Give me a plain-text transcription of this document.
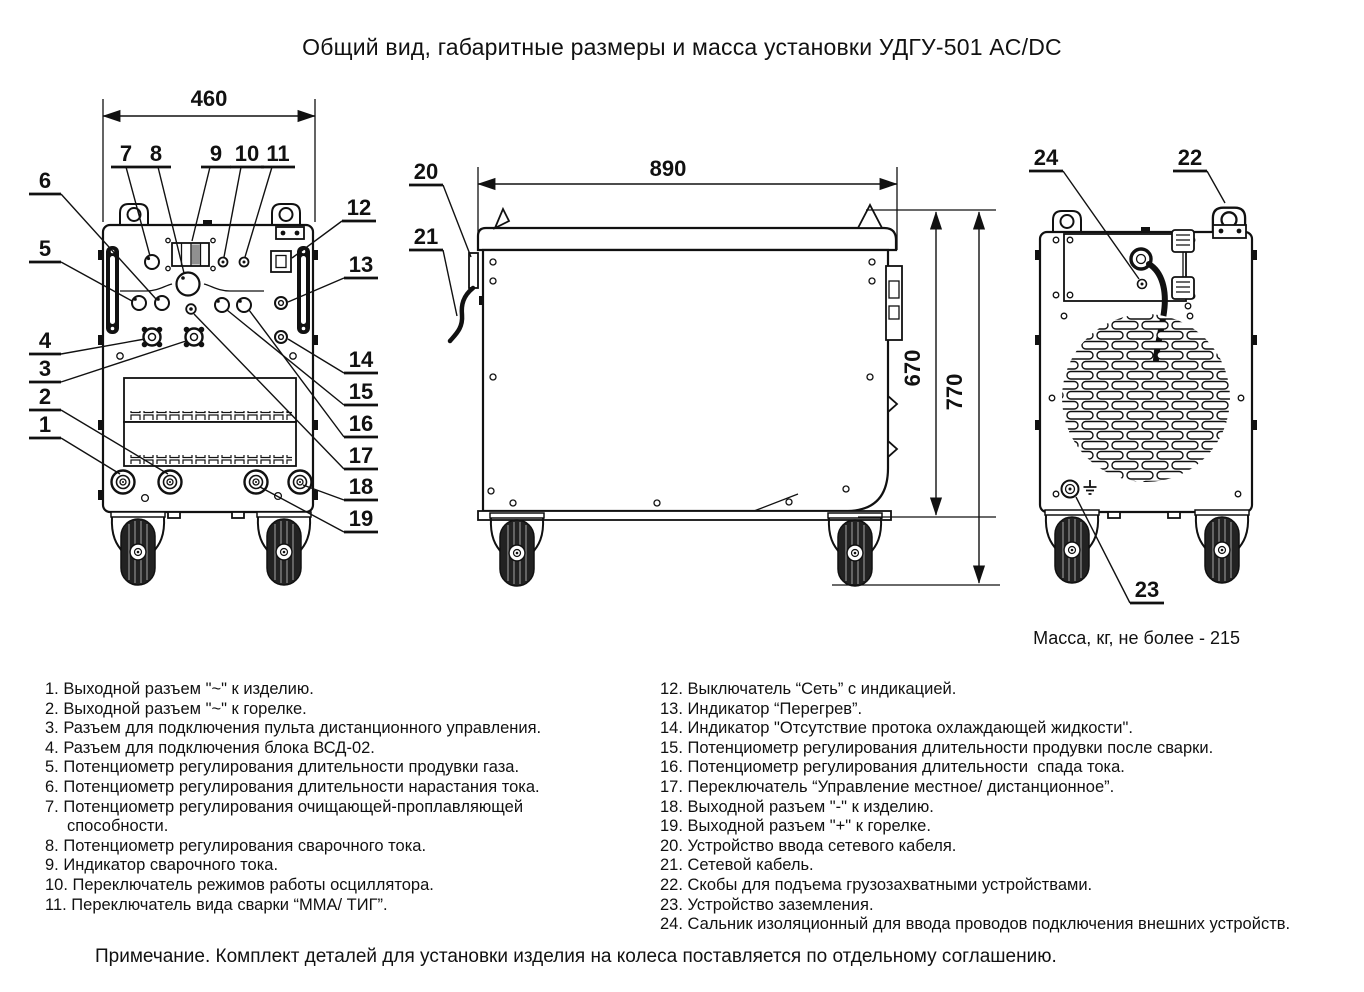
Общий вид, габаритные размеры и масса установки УДГУ-501 AC/DC
460
890
670
770
1
2
3
4
5
6
7 8 9 10 11
12
13
14
15
16
17
18
19
20
21
22
23
24
Масса, кг, не более - 215
1. Выходной разъем "~" к изделию.
2. Выходной разъем "~" к горелке.
3. Разъем для подключения пульта дистанционного управления.
4. Разъем для подключения блока ВСД-02.
5. Потенциометр регулирования длительности продувки газа.
6. Потенциометр регулирования длительности нарастания тока.
7. Потенциометр регулирования очищающей-проплавляющей способности.
8. Потенциометр регулирования сварочного тока.
9. Индикатор сварочного тока.
10. Переключатель режимов работы осциллятора.
11. Переключатель вида сварки “ММА/ ТИГ”.
12. Выключатель “Сеть” с индикацией.
13. Индикатор “Перегрев”.
14. Индикатор "Отсутствие протока охлаждающей жидкости".
15. Потенциометр регулирования длительности продувки после сварки.
16. Потенциометр регулирования длительности  спада тока.
17. Переключатель “Управление местное/ дистанционное”.
18. Выходной разъем "-" к изделию.
19. Выходной разъем "+" к горелке.
20. Устройство ввода сетевого кабеля.
21. Сетевой кабель.
22. Скобы для подъема грузозахватными устройствами.
23. Устройство заземления.
24. Сальник изоляционный для ввода проводов подключения внешних устройств.
Примечание. Комплект деталей для установки изделия на колеса поставляется по отдельному соглашению.
